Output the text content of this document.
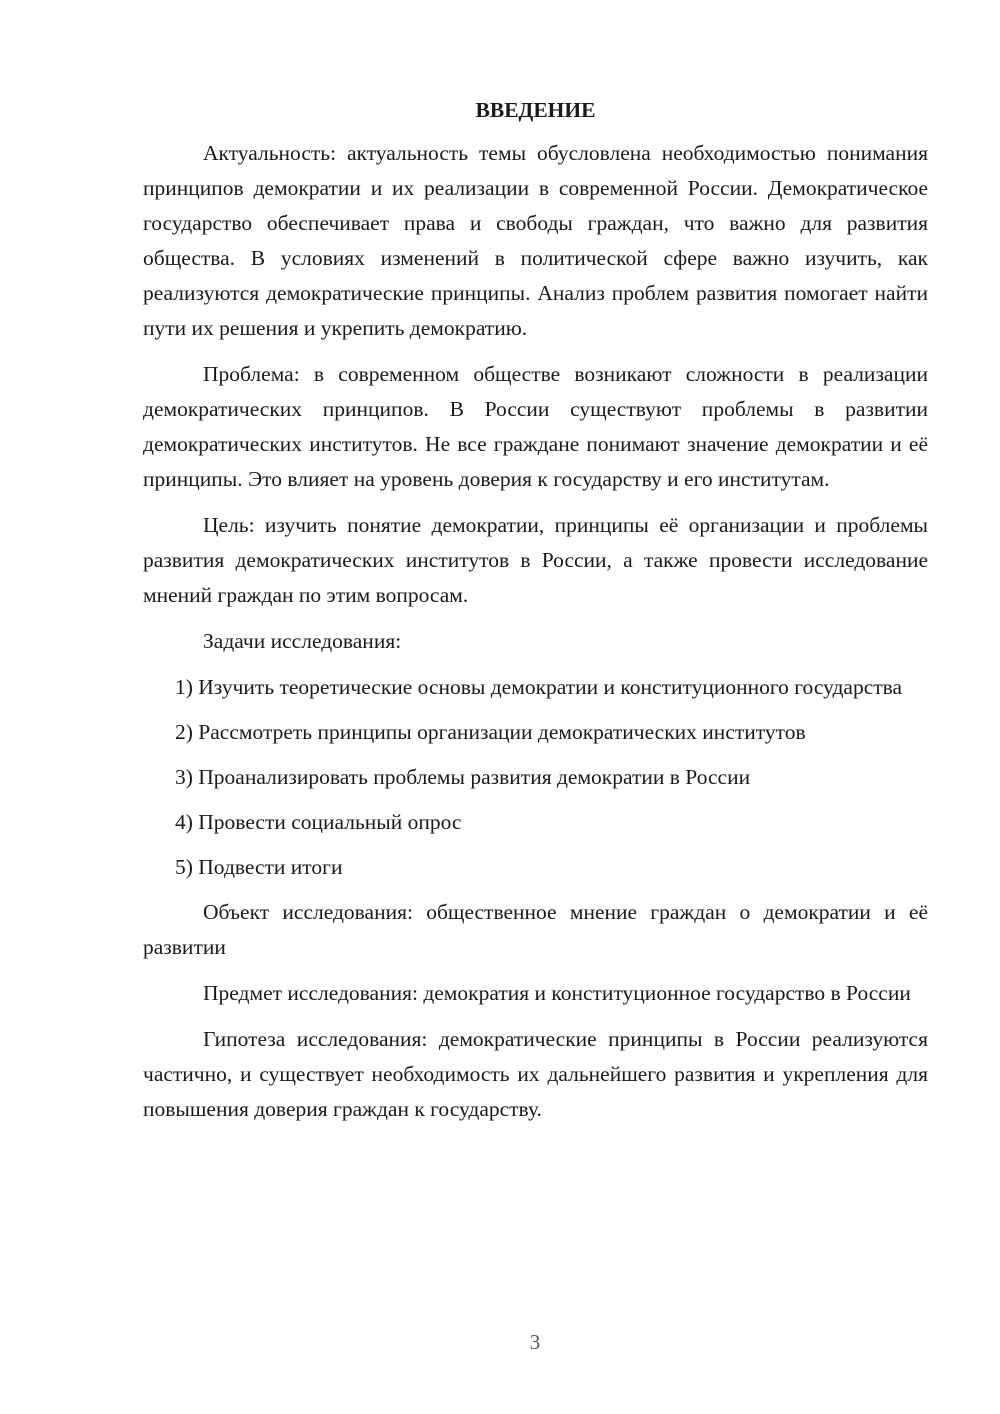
ВВЕДЕНИЕ

Актуальность: актуальность темы обусловлена необходимостью понимания принципов демократии и их реализации в современной России. Демократическое государство обеспечивает права и свободы граждан, что важно для развития общества. В условиях изменений в политической сфере важно изучить, как реализуются демократические принципы. Анализ проблем развития помогает найти пути их решения и укрепить демократию.

Проблема: в современном обществе возникают сложности в реализации демократических принципов. В России существуют проблемы в развитии демократических институтов. Не все граждане понимают значение демократии и её принципы. Это влияет на уровень доверия к государству и его институтам.

Цель: изучить понятие демократии, принципы её организации и проблемы развития демократических институтов в России, а также провести исследование мнений граждан по этим вопросам.

Задачи исследования:

1) Изучить теоретические основы демократии и конституционного государства

2) Рассмотреть принципы организации демократических институтов

3) Проанализировать проблемы развития демократии в России

4) Провести социальный опрос

5) Подвести итоги

Объект исследования: общественное мнение граждан о демократии и её развитии

Предмет исследования: демократия и конституционное государство в России

Гипотеза исследования: демократические принципы в России реализуются частично, и существует необходимость их дальнейшего развития и укрепления для повышения доверия граждан к государству.

3
